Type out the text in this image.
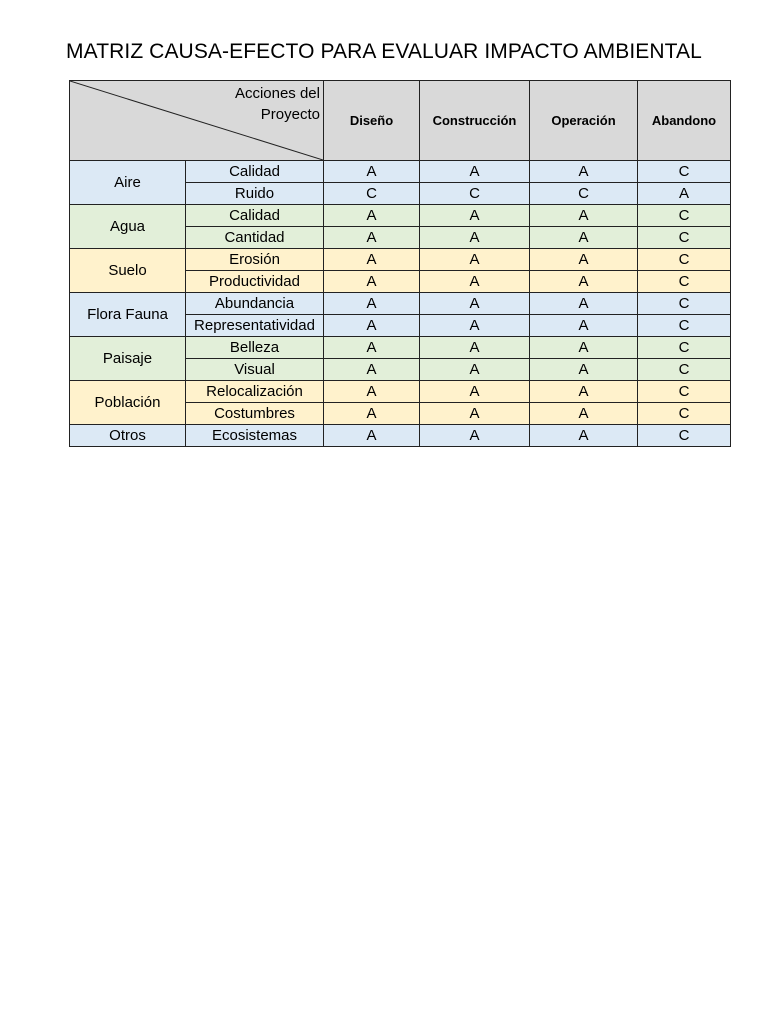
MATRIZ CAUSA-EFECTO PARA EVALUAR IMPACTO AMBIENTAL
Acciones del
Proyecto		Diseño	Construcción	Operación	Abandono
Aire	Calidad	A	A	A	C
	Ruido	C	C	C	A
Agua	Calidad	A	A	A	C
	Cantidad	A	A	A	C
Suelo	Erosión	A	A	A	C
	Productividad	A	A	A	C
Flora Fauna	Abundancia	A	A	A	C
	Representatividad	A	A	A	C
Paisaje	Belleza	A	A	A	C
	Visual	A	A	A	C
Población	Relocalización	A	A	A	C
	Costumbres	A	A	A	C
Otros	Ecosistemas	A	A	A	C
